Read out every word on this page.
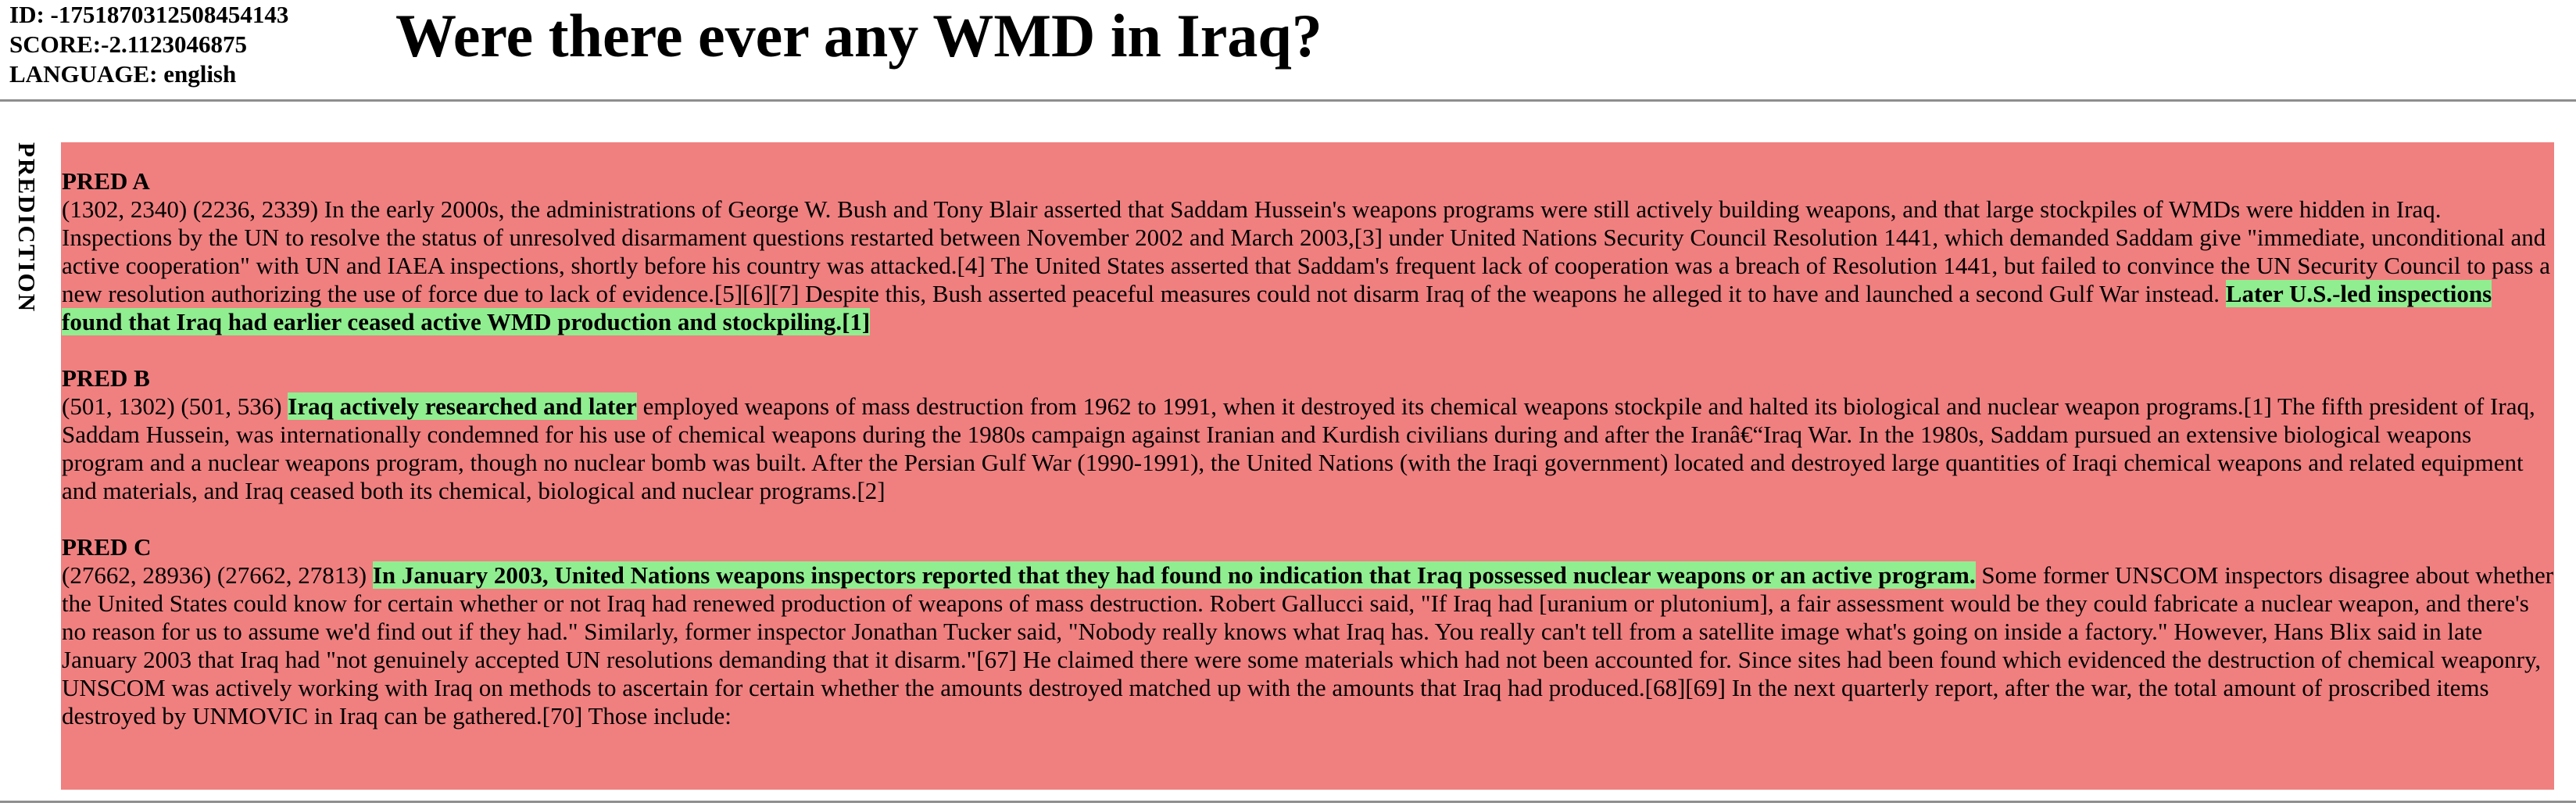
ID: -1751870312508454143
SCORE:-2.1123046875
LANGUAGE: english
Were there ever any WMD in Iraq?
PREDICTION PRED A
(1302, 2340) (2236, 2339) In the early 2000s, the administrations of George W. Bush and Tony Blair asserted that Saddam Hussein's weapons programs were still actively building weapons, and that large stockpiles of WMDs were hidden in Iraq. Inspections by the UN to resolve the status of unresolved disarmament questions restarted between November 2002 and March 2003,[3] under United Nations Security Council Resolution 1441, which demanded Saddam give "immediate, unconditional and active cooperation" with UN and IAEA inspections, shortly before his country was attacked.[4] The United States asserted that Saddam's frequent lack of cooperation was a breach of Resolution 1441, but failed to convince the UN Security Council to pass a new resolution authorizing the use of force due to lack of evidence.[5][6][7] Despite this, Bush asserted peaceful measures could not disarm Iraq of the weapons he alleged it to have and launched a second Gulf War instead. Later U.S.-led inspections found that Iraq had earlier ceased active WMD production and stockpiling.[1]
PRED B
(501, 1302) (501, 536) Iraq actively researched and later employed weapons of mass destruction from 1962 to 1991, when it destroyed its chemical weapons stockpile and halted its biological and nuclear weapon programs.[1] The fifth president of Iraq, Saddam Hussein, was internationally condemned for his use of chemical weapons during the 1980s campaign against Iranian and Kurdish civilians during and after the Iranâ€“Iraq War. In the 1980s, Saddam pursued an extensive biological weapons program and a nuclear weapons program, though no nuclear bomb was built. After the Persian Gulf War (1990-1991), the United Nations (with the Iraqi government) located and destroyed large quantities of Iraqi chemical weapons and related equipment and materials, and Iraq ceased both its chemical, biological and nuclear programs.[2]
PRED C
(27662, 28936) (27662, 27813) In January 2003, United Nations weapons inspectors reported that they had found no indication that Iraq possessed nuclear weapons or an active program. Some former UNSCOM inspectors disagree about whether the United States could know for certain whether or not Iraq had renewed production of weapons of mass destruction. Robert Gallucci said, "If Iraq had [uranium or plutonium], a fair assessment would be they could fabricate a nuclear weapon, and there's no reason for us to assume we'd find out if they had." Similarly, former inspector Jonathan Tucker said, "Nobody really knows what Iraq has. You really can't tell from a satellite image what's going on inside a factory." However, Hans Blix said in late January 2003 that Iraq had "not genuinely accepted UN resolutions demanding that it disarm."[67] He claimed there were some materials which had not been accounted for. Since sites had been found which evidenced the destruction of chemical weaponry, UNSCOM was actively working with Iraq on methods to ascertain for certain whether the amounts destroyed matched up with the amounts that Iraq had produced.[68][69] In the next quarterly report, after the war, the total amount of proscribed items destroyed by UNMOVIC in Iraq can be gathered.[70] Those include:
